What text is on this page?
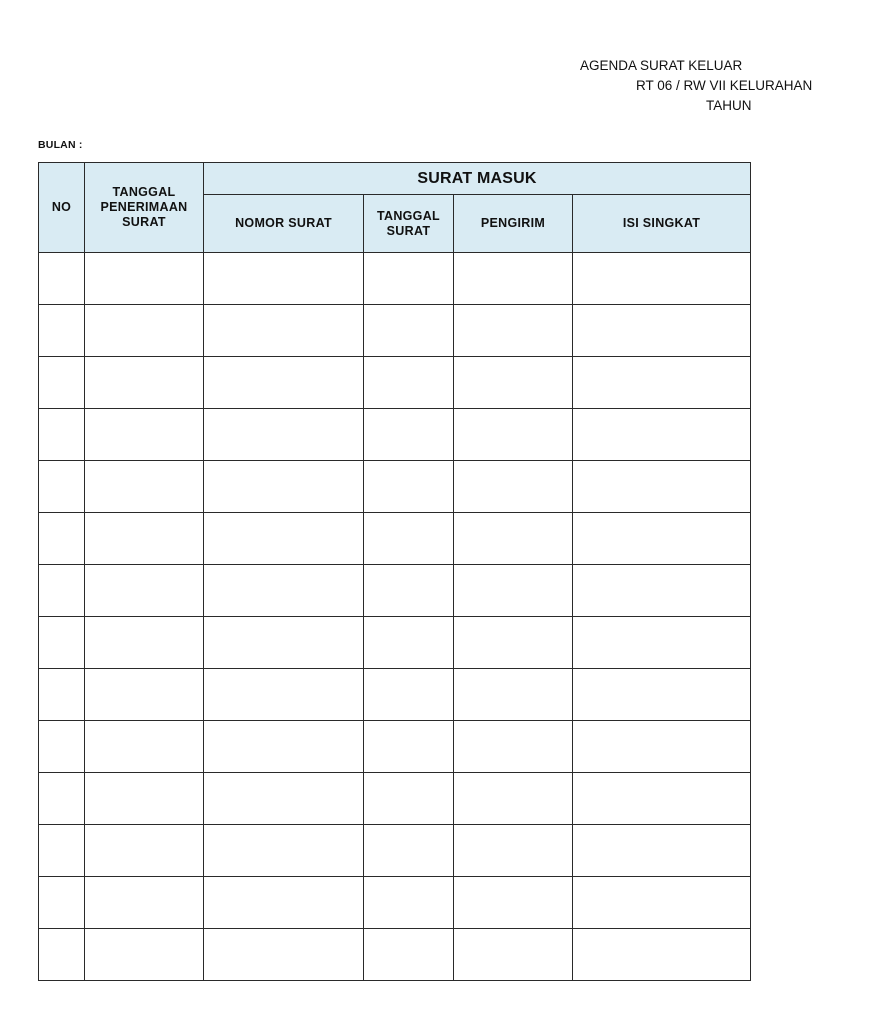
AGENDA SURAT KELUAR
RT 06 / RW VII KELURAHAN
TAHUN
BULAN :
NO	TANGGAL PENERIMAAN SURAT	SURAT MASUK			
		NOMOR SURAT	TANGGAL SURAT	PENGIRIM	ISI SINGKAT
